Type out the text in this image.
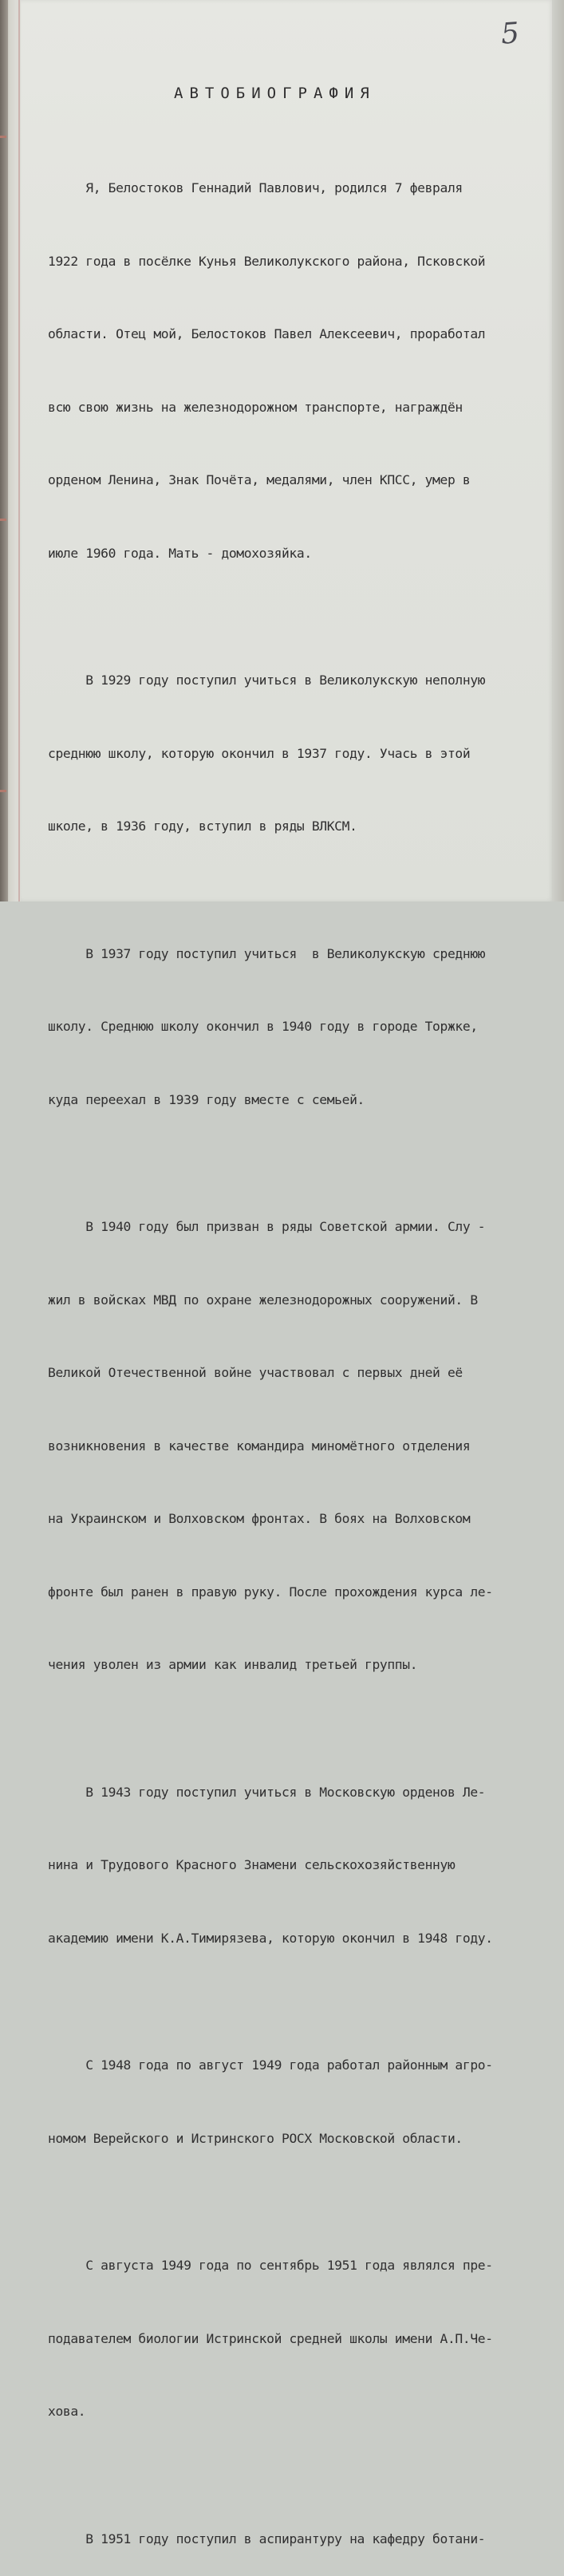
5
АВТОБИОГРАФИЯ

Я, Белостоков Геннадий Павлович, родился 7 февраля

1922 года в посёлке Кунья Великолукского района, Псковской

области. Отец мой, Белостоков Павел Алексеевич, проработал

всю свою жизнь на железнодорожном транспорте, награждён

орденом Ленина, Знак Почёта, медалями, член КПСС, умер в

июле 1960 года. Мать - домохозяйка.

В 1929 году поступил учиться в Великолукскую неполную

среднюю школу, которую окончил в 1937 году. Учась в этой

школе, в 1936 году, вступил в ряды ВЛКСМ.

В 1937 году поступил учиться  в Великолукскую среднюю

школу. Среднюю школу окончил в 1940 году в городе Торжке,

куда переехал в 1939 году вместе с семьей.

В 1940 году был призван в ряды Советской армии. Слу -

жил в войсках МВД по охране железнодорожных сооружений. В

Великой Отечественной войне участвовал с первых дней её

возникновения в качестве командира миномётного отделения

на Украинском и Волховском фронтах. В боях на Волховском

фронте был ранен в правую руку. После прохождения курса ле-

чения уволен из армии как инвалид третьей группы.

В 1943 году поступил учиться в Московскую орденов Ле-

нина и Трудового Красного Знамени сельскохозяйственную

академию имени К.А.Тимирязева, которую окончил в 1948 году.

С 1948 года по август 1949 года работал районным агро-

номом Верейского и Истринского РОСХ Московской области.

С августа 1949 года по сентябрь 1951 года являлся пре-

подавателем биологии Истринской средней школы имени А.П.Че-

хова.

В 1951 году поступил в аспирантуру на кафедру ботани-
